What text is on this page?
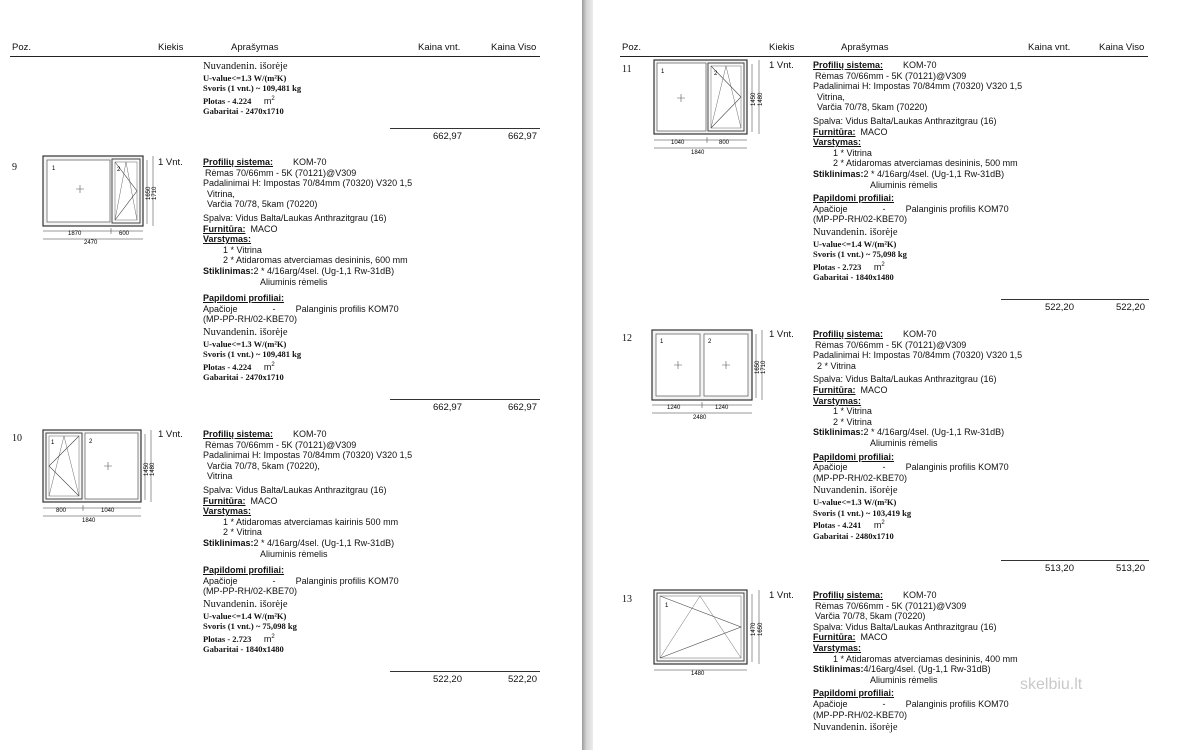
Poz.	Kiekis	Aprašymas	Kaina vnt.	Kaina Viso
Nuvandenin. išorėje
U-value<=1.3 W/(m²K)
Svoris (1 vnt.) ~ 109,481 kg
Plotas - 4.224 $m^2$
Gabaritai - 2470x1710
662,97	662,97
9	1 Vnt.
1	2
1870	600
2470
1650 1710
Profilių sistema: KOM-70
Rėmas 70/66mm - 5K (70121)@V309
Padalinimai H: Impostas 70/84mm (70320) V320 1,5
Vitrina,
Varčia 70/78, 5kam (70220)
Spalva: Vidus Balta/Laukas Anthrazitgrau (16)
Furnitūra: MACO
Varstymas:
1 * Vitrina
2 * Atidaromas atverciamas desininis, 600 mm
Stiklinimas:2 * 4/16arg/4sel. (Ug-1,1 Rw-31dB)
Aliuminis rėmelis
Papildomi profiliai:
Apačioje	- Palanginis profilis KOM70
(MP-PP-RH/02-KBE70)
Nuvandenin. išorėje
U-value<=1.3 W/(m²K)
Svoris (1 vnt.) ~ 109,481 kg
Plotas - 4.224 $m^2$
Gabaritai - 2470x1710
662,97	662,97
10	1 Vnt.
1	2
800	1040
1840
1450 1480
Profilių sistema: KOM-70
Rėmas 70/66mm - 5K (70121)@V309
Padalinimai H: Impostas 70/84mm (70320) V320 1,5
Varčia 70/78, 5kam (70220),
Vitrina
Spalva: Vidus Balta/Laukas Anthrazitgrau (16)
Furnitūra: MACO
Varstymas:
1 * Atidaromas atverciamas kairinis 500 mm
2 * Vitrina
Stiklinimas:2 * 4/16arg/4sel. (Ug-1,1 Rw-31dB)
Aliuminis rėmelis
Papildomi profiliai:
Apačioje	- Palanginis profilis KOM70
(MP-PP-RH/02-KBE70)
Nuvandenin. išorėje
U-value<=1.4 W/(m²K)
Svoris (1 vnt.) ~ 75,098 kg
Plotas - 2.723 $m^2$
Gabaritai - 1840x1480
522,20	522,20
Poz.	Kiekis	Aprašymas	Kaina vnt.	Kaina Viso
11	1 Vnt.
1	2
1040	800
1840
1450 1480
Profilių sistema: KOM-70
Rėmas 70/66mm - 5K (70121)@V309
Padalinimai H: Impostas 70/84mm (70320) V320 1,5
Vitrina,
Varčia 70/78, 5kam (70220)
Spalva: Vidus Balta/Laukas Anthrazitgrau (16)
Furnitūra: MACO
Varstymas:
1 * Vitrina
2 * Atidaromas atverciamas desininis, 500 mm
Stiklinimas:2 * 4/16arg/4sel. (Ug-1,1 Rw-31dB)
Aliuminis rėmelis
Papildomi profiliai:
Apačioje	- Palanginis profilis KOM70
(MP-PP-RH/02-KBE70)
Nuvandenin. išorėje
U-value<=1.4 W/(m²K)
Svoris (1 vnt.) ~ 75,098 kg
Plotas - 2.723 $m^2$
Gabaritai - 1840x1480
522,20	522,20
12	1 Vnt.
1	2
1240	1240
2480
1650 1710
Profilių sistema: KOM-70
Rėmas 70/66mm - 5K (70121)@V309
Padalinimai H: Impostas 70/84mm (70320) V320 1,5
2 * Vitrina
Spalva: Vidus Balta/Laukas Anthrazitgrau (16)
Furnitūra: MACO
Varstymas:
1 * Vitrina
2 * Vitrina
Stiklinimas:2 * 4/16arg/4sel. (Ug-1,1 Rw-31dB)
Aliuminis rėmelis
Papildomi profiliai:
Apačioje	- Palanginis profilis KOM70
(MP-PP-RH/02-KBE70)
Nuvandenin. išorėje
U-value<=1.3 W/(m²K)
Svoris (1 vnt.) ~ 103,419 kg
Plotas - 4.241 $m^2$
Gabaritai - 2480x1710
513,20	513,20
13	1 Vnt.
1
1480
1470 1650
Profilių sistema: KOM-70
Rėmas 70/66mm - 5K (70121)@V309
Varčia 70/78, 5kam (70220)
Spalva: Vidus Balta/Laukas Anthrazitgrau (16)
Furnitūra: MACO
Varstymas:
1 * Atidaromas atverciamas desininis, 400 mm
Stiklinimas:4/16arg/4sel. (Ug-1,1 Rw-31dB)
Aliuminis rėmelis
Papildomi profiliai:
Apačioje	- Palanginis profilis KOM70
(MP-PP-RH/02-KBE70)
Nuvandenin. išorėje
skelbiu.lt
